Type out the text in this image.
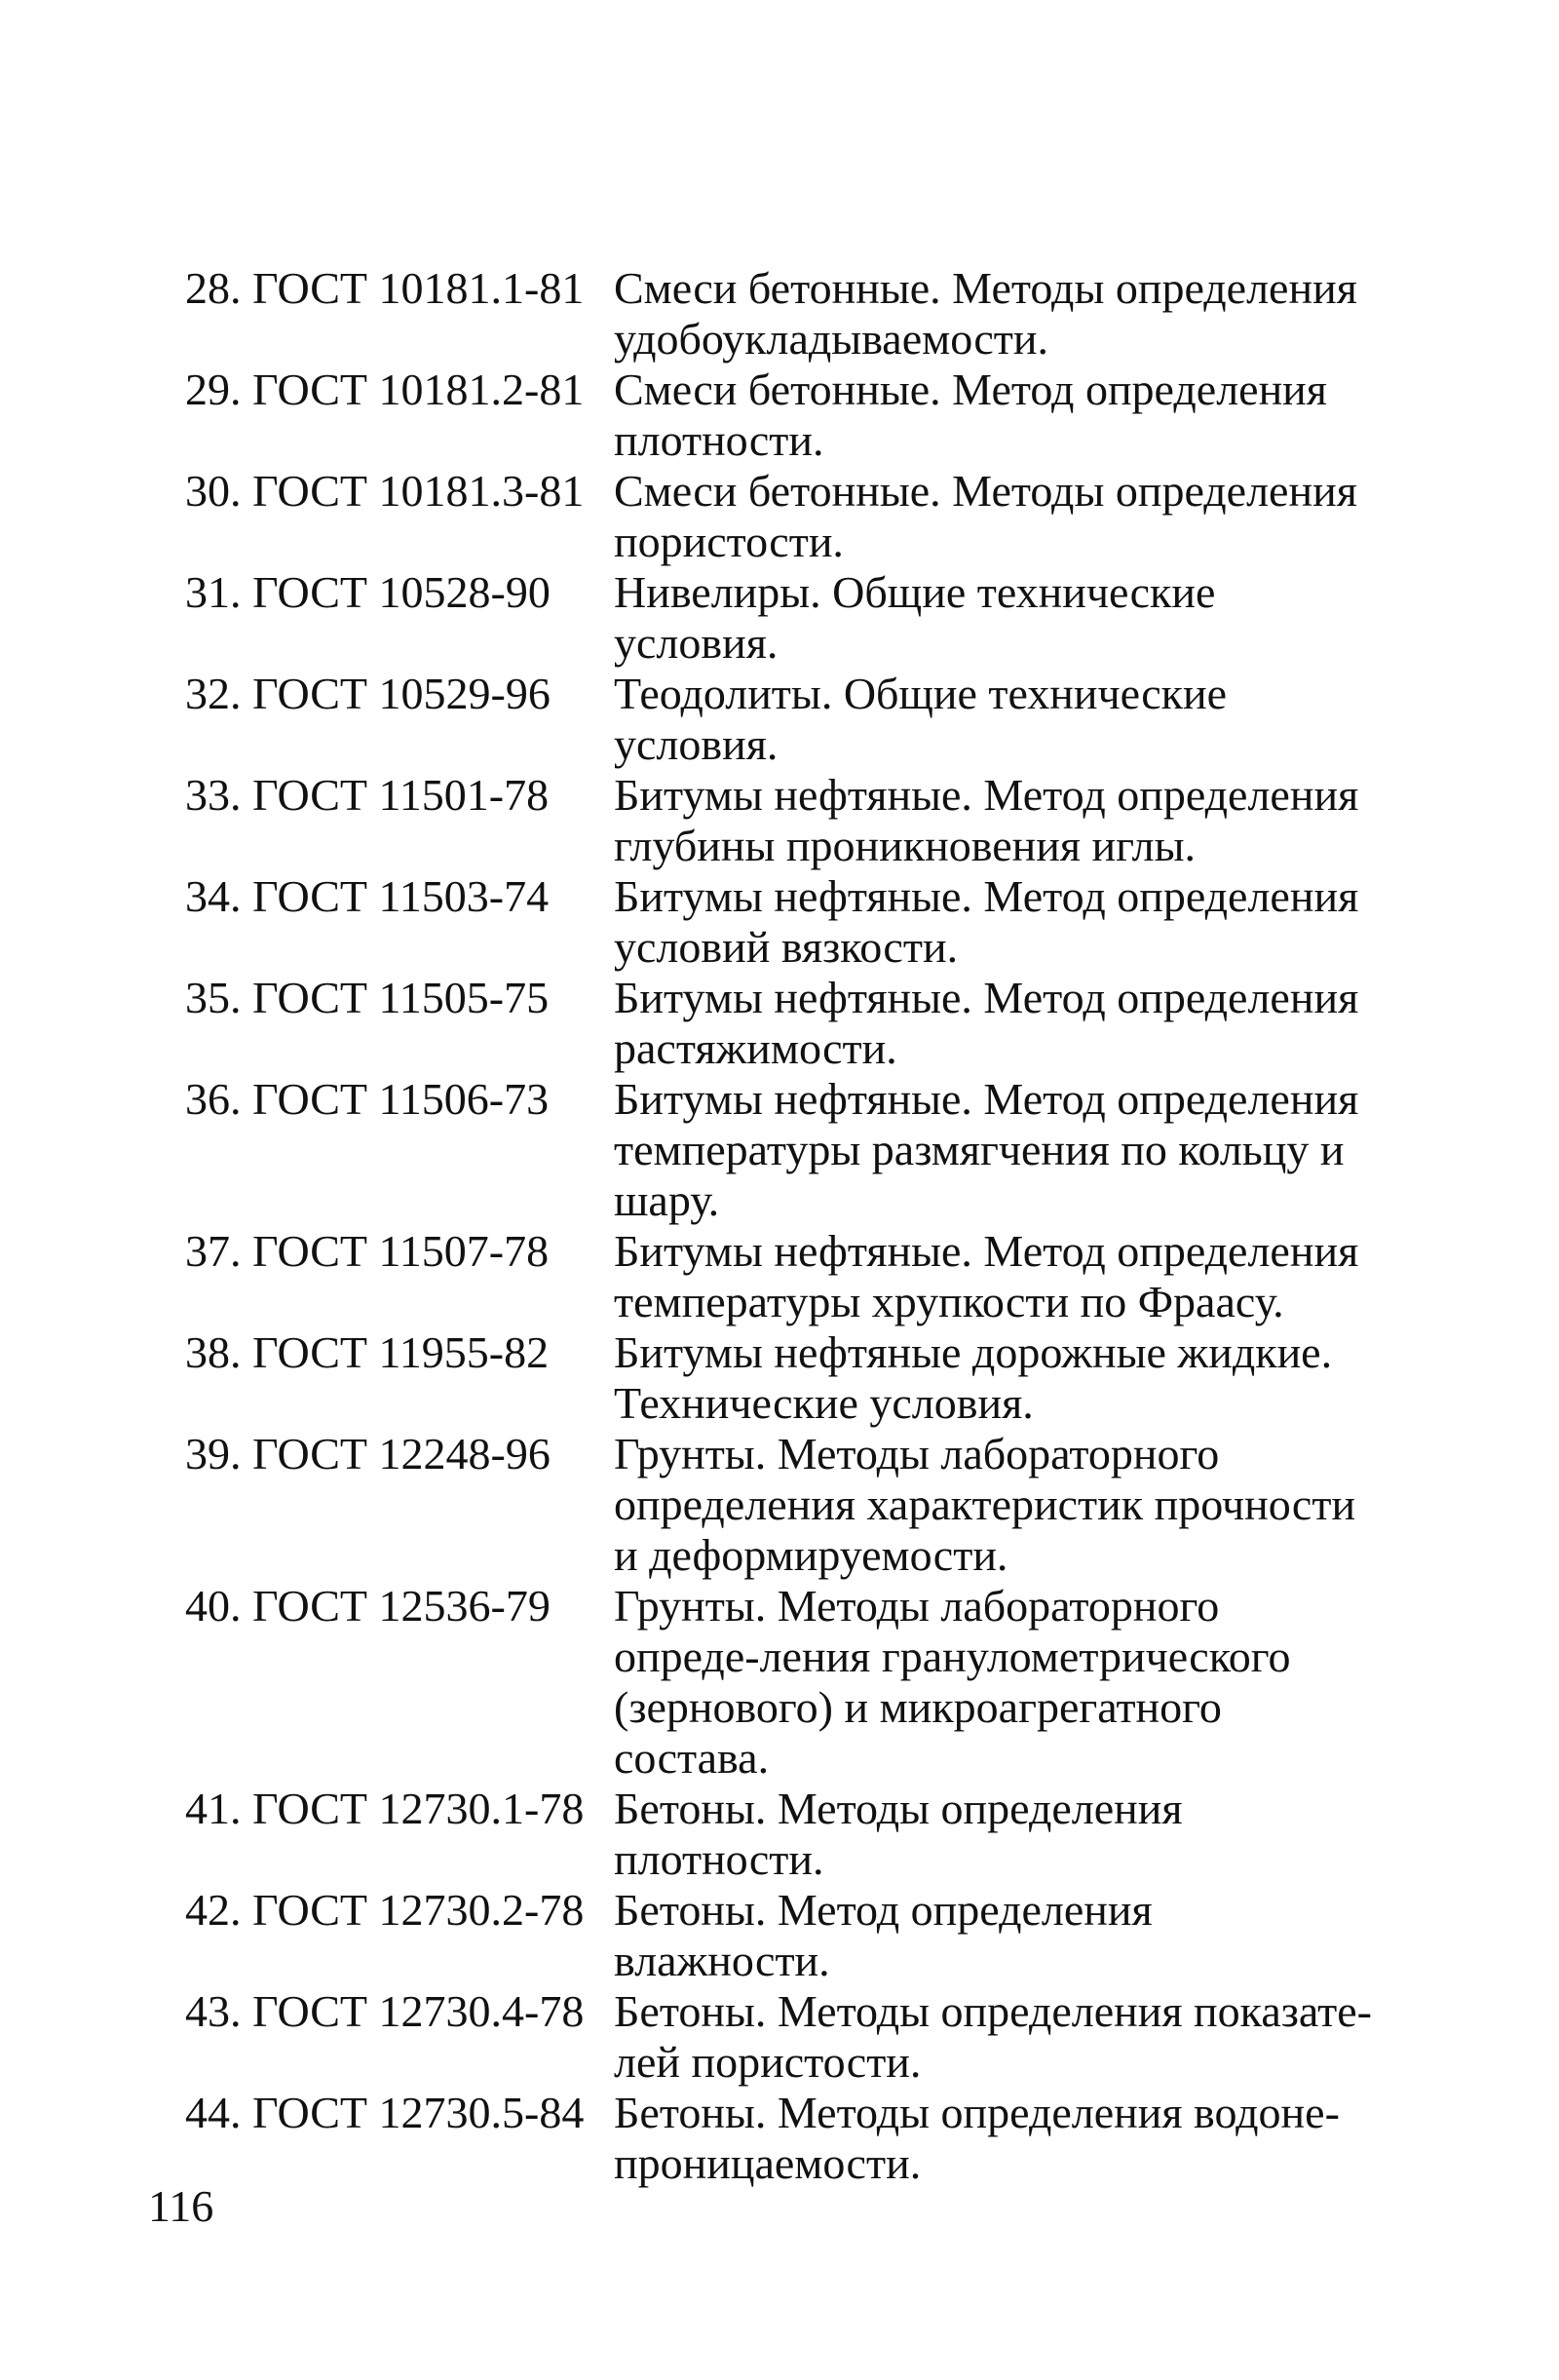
28. ГОСТ 10181.1-81 Смеси бетонные. Методы определения
удобоукладываемости.
29. ГОСТ 10181.2-81 Смеси бетонные. Метод определения
плотности.
30. ГОСТ 10181.3-81 Смеси бетонные. Методы определения
пористости.
31. ГОСТ 10528-90	Нивелиры. Общие технические
условия.
32. ГОСТ 10529-96	Теодолиты. Общие технические
условия.
33. ГОСТ 11501-78	Битумы нефтяные. Метод определения
глубины проникновения иглы.
34. ГОСТ 11503-74	Битумы нефтяные. Метод определения
условий вязкости.
35. ГОСТ 11505-75	Битумы нефтяные. Метод определения
растяжимости.
36. ГОСТ 11506-73	Битумы нефтяные. Метод определения
температуры размягчения по кольцу и
шару.
37. ГОСТ 11507-78	Битумы нефтяные. Метод определения
температуры хрупкости по Фраасу.
38. ГОСТ 11955-82	Битумы нефтяные дорожные жидкие.
Технические условия.
39. ГОСТ 12248-96	Грунты. Методы лабораторного
определения характеристик прочности
и деформируемости.
40. ГОСТ 12536-79	Грунты. Методы лабораторного
опреде-ления гранулометрического
(зернового) и микроагрегатного
состава.
41. ГОСТ 12730.1-78 Бетоны. Методы определения
плотности.
42. ГОСТ 12730.2-78 Бетоны. Метод определения
влажности.
43. ГОСТ 12730.4-78 Бетоны. Методы определения показате-
лей пористости.
44. ГОСТ 12730.5-84 Бетоны. Методы определения водоне-
проницаемости.
116
